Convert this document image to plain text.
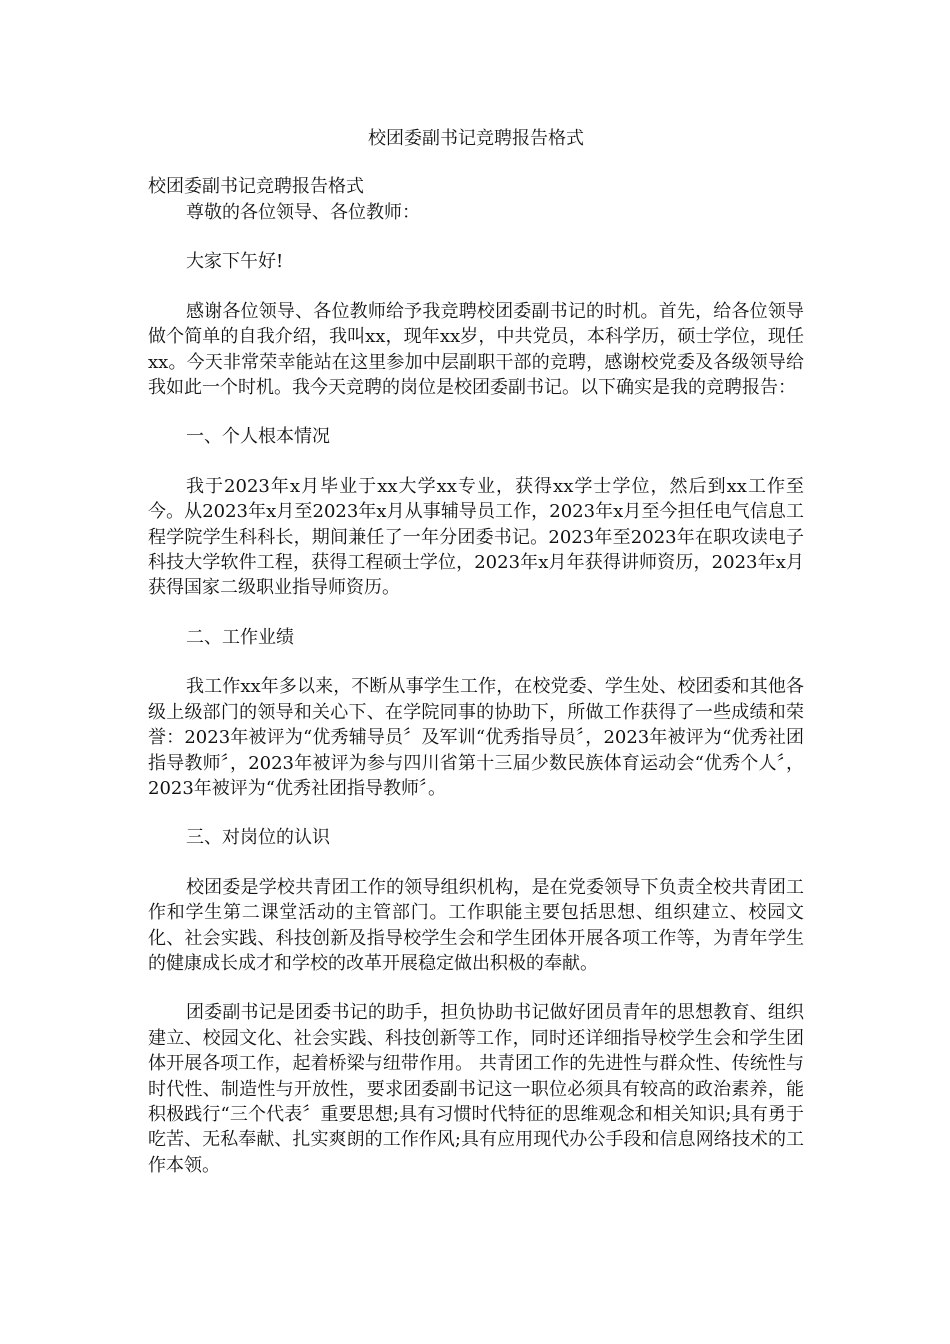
校团委副书记竞聘报告格式
校团委副书记竞聘报告格式

尊敬的各位领导、各位教师：

大家下午好!

感谢各位领导、各位教师给予我竞聘校团委副书记的时机。首先，给各位领导做个简单的自我介绍，我叫xx，现年xx岁，中共党员，本科学历，硕士学位，现任xx。今天非常荣幸能站在这里参加中层副职干部的竞聘，感谢校党委及各级领导给我如此一个时机。我今天竞聘的岗位是校团委副书记。以下确实是我的竞聘报告：

一、个人根本情况

我于2023年x月毕业于xx大学xx专业，获得xx学士学位，然后到xx工作至今。从2023年x月至2023年x月从事辅导员工作，2023年x月至今担任电气信息工程学院学生科科长，期间兼任了一年分团委书记。2023年至2023年在职攻读电子科技大学软件工程，获得工程硕士学位，2023年x月年获得讲师资历，2023年x月获得国家二级职业指导师资历。

二、工作业绩

我工作xx年多以来，不断从事学生工作，在校党委、学生处、校团委和其他各级上级部门的领导和关心下、在学院同事的协助下，所做工作获得了一些成绩和荣誉：2023年被评为“优秀辅导员〞及军训“优秀指导员〞，2023年被评为“优秀社团指导教师〞，2023年被评为参与四川省第十三届少数民族体育运动会“优秀个人〞，2023年被评为“优秀社团指导教师〞。

三、对岗位的认识

校团委是学校共青团工作的领导组织机构，是在党委领导下负责全校共青团工作和学生第二课堂活动的主管部门。工作职能主要包括思想、组织建立、校园文化、社会实践、科技创新及指导校学生会和学生团体开展各项工作等，为青年学生的健康成长成才和学校的改革开展稳定做出积极的奉献。

团委副书记是团委书记的助手，担负协助书记做好团员青年的思想教育、组织建立、校园文化、社会实践、科技创新等工作，同时还详细指导校学生会和学生团体开展各项工作，起着桥梁与纽带作用。 共青团工作的先进性与群众性、传统性与时代性、制造性与开放性，要求团委副书记这一职位必须具有较高的政治素养，能积极践行“三个代表〞重要思想;具有习惯时代特征的思维观念和相关知识;具有勇于吃苦、无私奉献、扎实爽朗的工作作风;具有应用现代办公手段和信息网络技术的工作本领。
